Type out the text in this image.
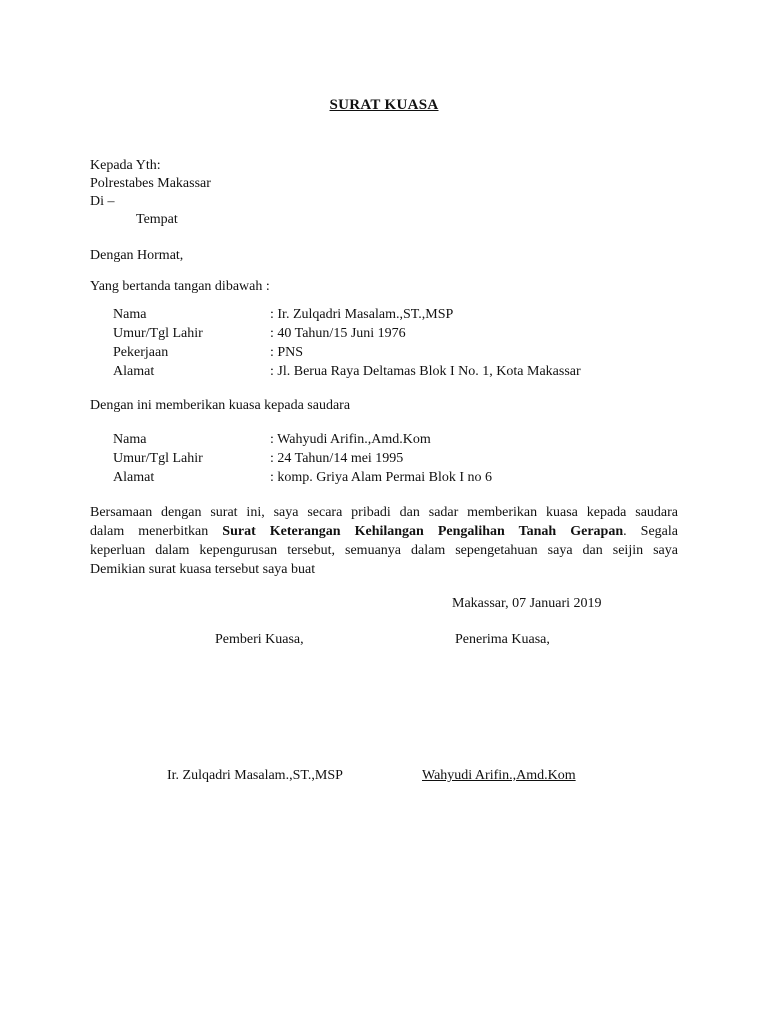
SURAT KUASA
Kepada Yth:
Polrestabes Makassar
Di –
Tempat
Dengan Hormat,
Yang bertanda tangan dibawah :
Nama	: Ir. Zulqadri Masalam.,ST.,MSP
Umur/Tgl Lahir	: 40 Tahun/15 Juni 1976
Pekerjaan	: PNS
Alamat	: Jl. Berua Raya Deltamas Blok I No. 1, Kota Makassar
Dengan ini memberikan kuasa kepada saudara
Nama	: Wahyudi Arifin.,Amd.Kom
Umur/Tgl Lahir	: 24 Tahun/14 mei 1995
Alamat	: komp. Griya Alam Permai Blok I no 6
Bersamaan dengan surat ini, saya secara pribadi dan sadar memberikan kuasa kepada saudara
dalam menerbitkan Surat Keterangan Kehilangan Pengalihan Tanah Gerapan. Segala
keperluan dalam kepengurusan tersebut, semuanya dalam sepengetahuan saya dan seijin saya
Demikian surat kuasa tersebut saya buat
Makassar, 07 Januari 2019
Pemberi Kuasa,	Penerima Kuasa,
Ir. Zulqadri Masalam.,ST.,MSP	Wahyudi Arifin.,Amd.Kom
